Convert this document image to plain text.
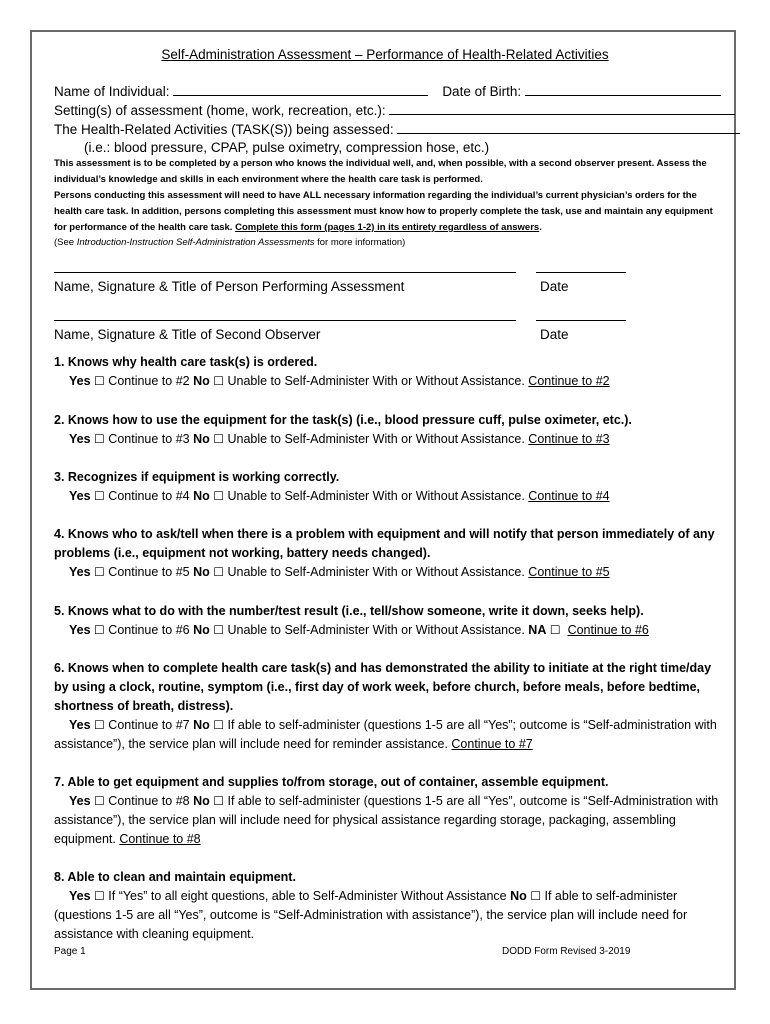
Self-Administration Assessment – Performance of Health-Related Activities
Name of Individual:	Date of Birth:
Setting(s) of assessment (home, work, recreation, etc.):
The Health-Related Activities (TASK(S)) being assessed:
(i.e.: blood pressure, CPAP, pulse oximetry, compression hose, etc.)
This assessment is to be completed by a person who knows the individual well, and, when possible, with a second observer present. Assess the individual’s knowledge and skills in each environment where the health care task is performed.
Persons conducting this assessment will need to have ALL necessary information regarding the individual’s current physician’s orders for the health care task. In addition, persons completing this assessment must know how to properly complete the task, use and maintain any equipment for performance of the health care task. Complete this form (pages 1-2) in its entirety regardless of answers.
(See Introduction-Instruction Self-Administration Assessments for more information)
Name, Signature & Title of Person Performing Assessment	Date
Name, Signature & Title of Second Observer	Date
1. Knows why health care task(s) is ordered.
Yes ☐ Continue to #2 No ☐ Unable to Self-Administer With or Without Assistance. Continue to #2
2. Knows how to use the equipment for the task(s) (i.e., blood pressure cuff, pulse oximeter, etc.).
Yes ☐ Continue to #3 No ☐ Unable to Self-Administer With or Without Assistance. Continue to #3
3. Recognizes if equipment is working correctly.
Yes ☐ Continue to #4 No ☐ Unable to Self-Administer With or Without Assistance. Continue to #4
4. Knows who to ask/tell when there is a problem with equipment and will notify that person immediately of any problems (i.e., equipment not working, battery needs changed).
Yes ☐ Continue to #5 No ☐ Unable to Self-Administer With or Without Assistance. Continue to #5
5. Knows what to do with the number/test result (i.e., tell/show someone, write it down, seeks help).
Yes ☐ Continue to #6 No ☐ Unable to Self-Administer With or Without Assistance. NA ☐ Continue to #6
6. Knows when to complete health care task(s) and has demonstrated the ability to initiate at the right time/day by using a clock, routine, symptom (i.e., first day of work week, before church, before meals, before bedtime, shortness of breath, distress).
Yes ☐ Continue to #7 No ☐ If able to self-administer (questions 1-5 are all “Yes”; outcome is “Self-administration with assistance”), the service plan will include need for reminder assistance. Continue to #7
7. Able to get equipment and supplies to/from storage, out of container, assemble equipment.
Yes ☐ Continue to #8 No ☐ If able to self-administer (questions 1-5 are all “Yes”, outcome is “Self-Administration with assistance”), the service plan will include need for physical assistance regarding storage, packaging, assembling equipment. Continue to #8
8. Able to clean and maintain equipment.
Yes ☐ If “Yes” to all eight questions, able to Self-Administer Without Assistance No ☐ If able to self-administer (questions 1-5 are all “Yes”, outcome is “Self-Administration with assistance”), the service plan will include need for assistance with cleaning equipment.
Page 1	DODD Form Revised 3-2019
